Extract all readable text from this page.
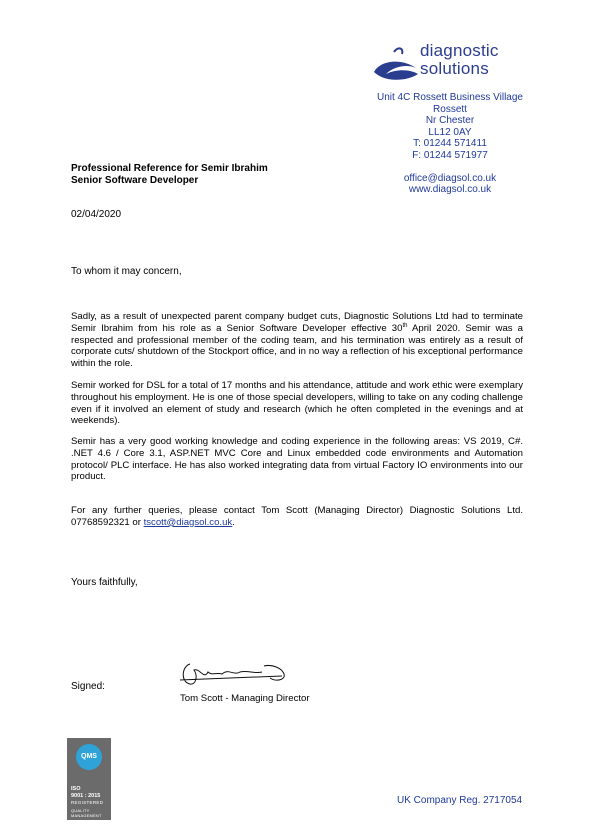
diagnostic
solutions
Unit 4C Rossett Business Village
Rossett
Nr Chester
LL12 0AY
T: 01244 571411
F: 01244 571977
office@diagsol.co.uk
www.diagsol.co.uk
Professional Reference for Semir Ibrahim
Senior Software Developer
02/04/2020
To whom it may concern,
Sadly, as a result of unexpected parent company budget cuts, Diagnostic Solutions Ltd had to terminate Semir Ibrahim from his role as a Senior Software Developer effective 30th April 2020. Semir was a respected and professional member of the coding team, and his termination was entirely as a result of corporate cuts/ shutdown of the Stockport office, and in no way a reflection of his exceptional performance within the role.
Semir worked for DSL for a total of 17 months and his attendance, attitude and work ethic were exemplary throughout his employment. He is one of those special developers, willing to take on any coding challenge even if it involved an element of study and research (which he often completed in the evenings and at weekends).
Semir has a very good working knowledge and coding experience in the following areas: VS 2019, C#. .NET 4.6 / Core 3.1, ASP.NET MVC Core and Linux embedded code environments and Automation protocol/ PLC interface. He has also worked integrating data from virtual Factory IO environments into our product.
For any further queries, please contact Tom Scott (Managing Director) Diagnostic Solutions Ltd. 07768592321 or tscott@diagsol.co.uk.
Yours faithfully,
Signed:
Tom Scott - Managing Director
QMS
ISO
9001 : 2015
REGISTERED
QUALITY
MANAGEMENT
UK Company Reg. 2717054
